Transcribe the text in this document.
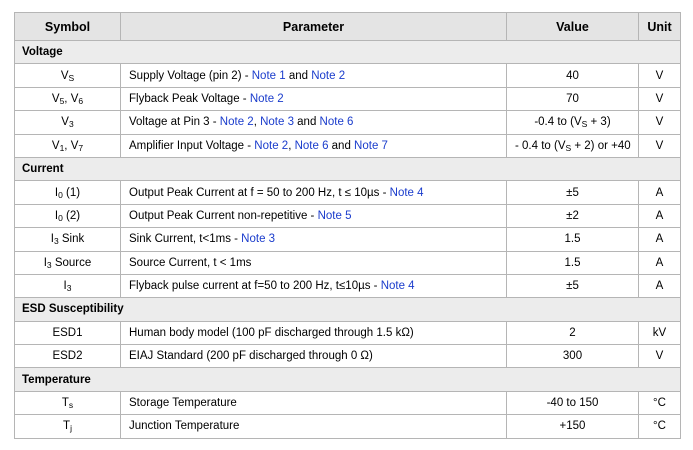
Symbol	Parameter	Value	Unit
Voltage			
$V_S$	Supply Voltage (pin 2) - Note 1 and Note 2	40	V
$V_5$, $V_6$	Flyback Peak Voltage - Note 2	70	V
$V_3$	Voltage at Pin 3 - Note 2, Note 3 and Note 6	-0.4 to $(V_S + 3)$	V
$V_1$, $V_7$	Amplifier Input Voltage - Note 2, Note 6 and Note 7	- 0.4 to $(V_S + 2)$ or +40	V
Current			
$I_0$ (1)	Output Peak Current at f = 50 to 200 Hz, t ≤ 10µs - Note 4	±5	A
$I_0$ (2)	Output Peak Current non-repetitive - Note 5	±2	A
$I_3$ Sink	Sink Current, t<1ms - Note 3	1.5	A
$I_3$ Source	Source Current, t < 1ms	1.5	A
$I_3$	Flyback pulse current at f=50 to 200 Hz, t≤10µs - Note 4	±5	A
ESD Susceptibility			
ESD1	Human body model (100 pF discharged through 1.5 kΩ)	2	kV
ESD2	EIAJ Standard (200 pF discharged through 0 Ω)	300	V
Temperature			
$T_s$	Storage Temperature	-40 to 150	°C
$T_j$	Junction Temperature	+150	°C
